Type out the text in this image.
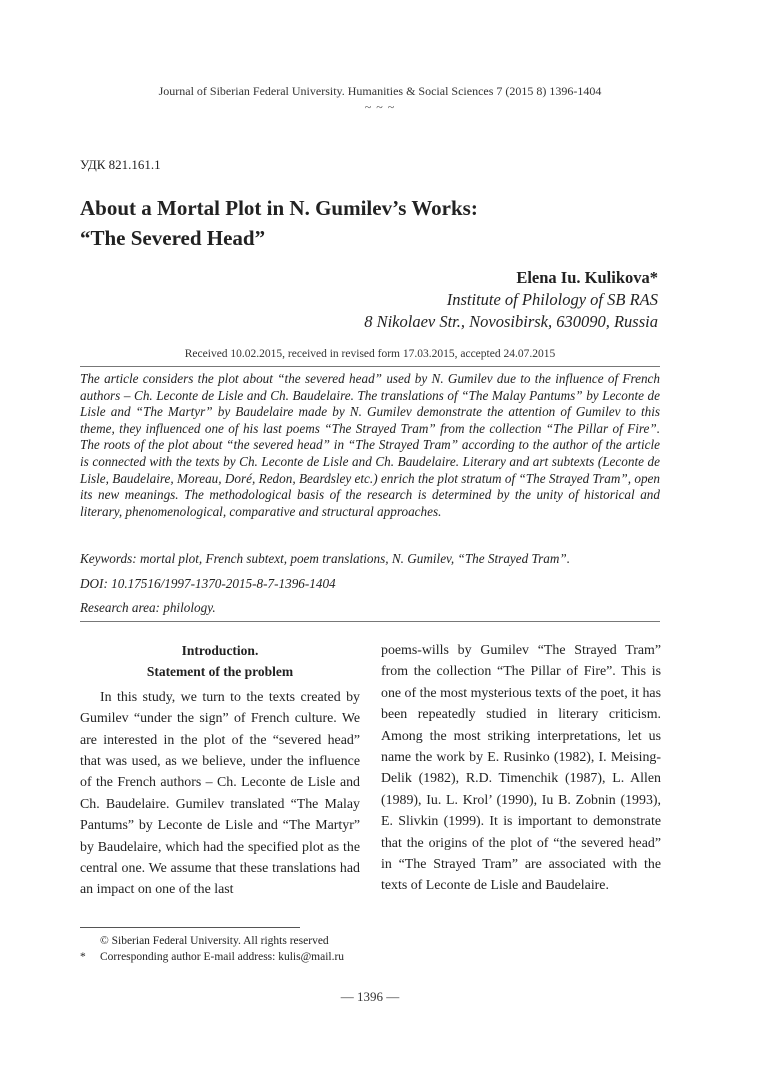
Journal of Siberian Federal University. Humanities & Social Sciences 7 (2015 8) 1396-1404
~ ~ ~
УДК 821.161.1
About a Mortal Plot in N. Gumilev’s Works:
“The Severed Head”
Elena Iu. Kulikova*
Institute of Philology of SB RAS
8 Nikolaev Str., Novosibirsk, 630090, Russia
Received 10.02.2015, received in revised form 17.03.2015, accepted 24.07.2015

The article considers the plot about “the severed head” used by N. Gumilev due to the influence of French authors – Ch. Leconte de Lisle and Ch. Baudelaire. The translations of “The Malay Pantums” by Leconte de Lisle and “The Martyr” by Baudelaire made by N. Gumilev demonstrate the attention of Gumilev to this theme, they influenced one of his last poems “The Strayed Tram” from the collection “The Pillar of Fire”. The roots of the plot about “the severed head” in “The Strayed Tram” according to the author of the article is connected with the texts by Ch. Leconte de Lisle and Ch. Baudelaire. Literary and art subtexts (Leconte de Lisle, Baudelaire, Moreau, Doré, Redon, Beardsley etc.) enrich the plot stratum of “The Strayed Tram”, open its new meanings. The methodological basis of the research is determined by the unity of historical and literary, phenomenological, comparative and structural approaches.

Keywords: mortal plot, French subtext, poem translations, N. Gumilev, “The Strayed Tram”.
DOI: 10.17516/1997-1370-2015-8-7-1396-1404
Research area: philology.
Introduction.
Statement of the problem

In this study, we turn to the texts created by Gumilev “under the sign” of French culture. We are interested in the plot of the “severed head” that was used, as we believe, under the influence of the French authors – Ch. Leconte de Lisle and Ch. Baudelaire. Gumilev translated “The Malay Pantums” by Leconte de Lisle and “The Martyr” by Baudelaire, which had the specified plot as the central one. We assume that these translations had an impact on one of the last

poems-wills by Gumilev “The Strayed Tram” from the collection “The Pillar of Fire”. This is one of the most mysterious texts of the poet, it has been repeatedly studied in literary criticism. Among the most striking interpretations, let us name the work by E. Rusinko (1982), I. Meising-Delik (1982), R.D. Timenchik (1987), L. Allen (1989), Iu. L. Krol’ (1990), Iu B. Zobnin (1993), E. Slivkin (1999). It is important to demonstrate that the origins of the plot of “the severed head” in “The Strayed Tram” are associated with the texts of Leconte de Lisle and Baudelaire.

© Siberian Federal University. All rights reserved
* Corresponding author E-mail address: kulis@mail.ru
— 1396 —
